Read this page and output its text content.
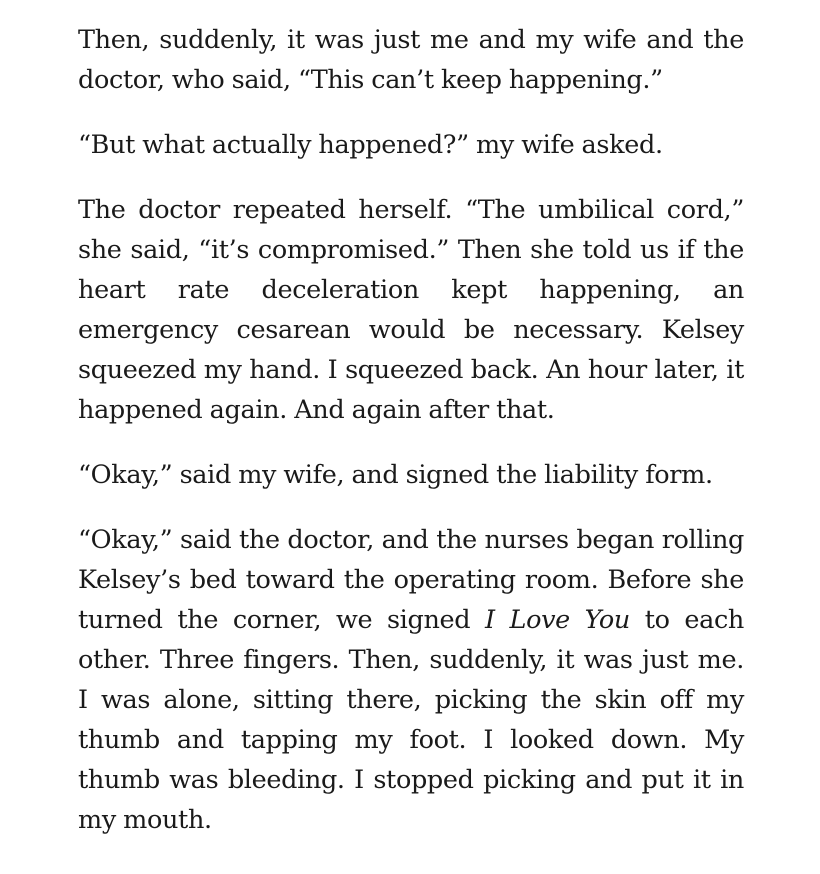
Then, suddenly, it was just me and my wife and the doctor, who said, “This can’t keep happening.”

“But what actually happened?” my wife asked.

The doctor repeated herself. “The umbilical cord,” she said, “it’s compromised.” Then she told us if the heart rate deceleration kept happening, an emergency cesarean would be necessary. Kelsey squeezed my hand. I squeezed back. An hour later, it happened again. And again after that.

“Okay,” said my wife, and signed the liability form.

“Okay,” said the doctor, and the nurses began rolling Kelsey’s bed toward the operating room. Before she turned the corner, we signed I Love You to each other. Three fingers. Then, suddenly, it was just me. I was alone, sitting there, picking the skin off my thumb and tapping my foot. I looked down. My thumb was bleeding. I stopped picking and put it in my mouth.
